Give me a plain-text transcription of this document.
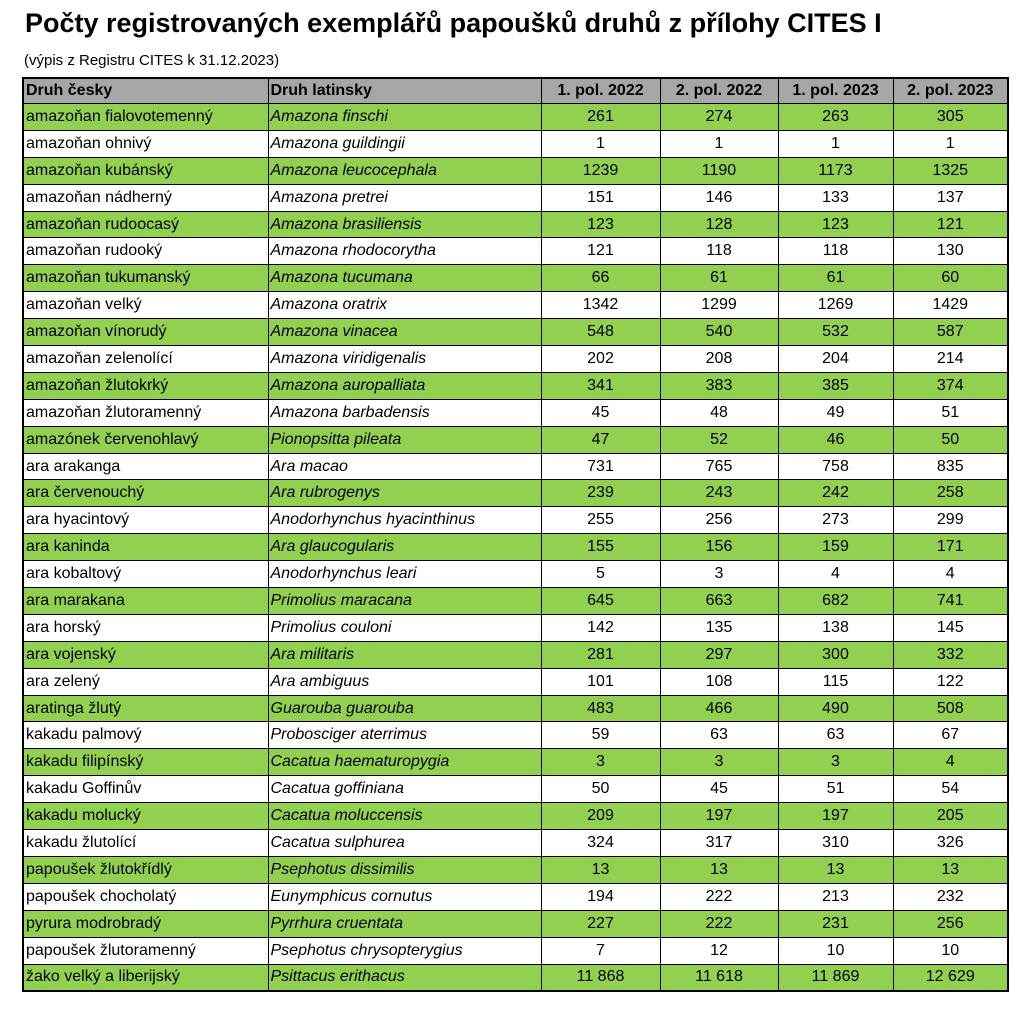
Počty registrovaných exemplářů papoušků druhů z přílohy CITES I
(výpis z Registru CITES k 31.12.2023)
Druh česky	Druh latinsky	1. pol. 2022	2. pol. 2022	1. pol. 2023	2. pol. 2023
amazoňan fialovotemenný	Amazona finschi	261	274	263	305
amazoňan ohnivý	Amazona guildingii	1	1	1	1
amazoňan kubánský	Amazona leucocephala	1239	1190	1173	1325
amazoňan nádherný	Amazona pretrei	151	146	133	137
amazoňan rudoocasý	Amazona brasiliensis	123	128	123	121
amazoňan rudooký	Amazona rhodocorytha	121	118	118	130
amazoňan tukumanský	Amazona tucumana	66	61	61	60
amazoňan velký	Amazona oratrix	1342	1299	1269	1429
amazoňan vínorudý	Amazona vinacea	548	540	532	587
amazoňan zelenolící	Amazona viridigenalis	202	208	204	214
amazoňan žlutokrký	Amazona auropalliata	341	383	385	374
amazoňan žlutoramenný	Amazona barbadensis	45	48	49	51
amazónek červenohlavý	Pionopsitta pileata	47	52	46	50
ara arakanga	Ara macao	731	765	758	835
ara červenouchý	Ara rubrogenys	239	243	242	258
ara hyacintový	Anodorhynchus hyacinthinus	255	256	273	299
ara kaninda	Ara glaucogularis	155	156	159	171
ara kobaltový	Anodorhynchus leari	5	3	4	4
ara marakana	Primolius maracana	645	663	682	741
ara horský	Primolius couloni	142	135	138	145
ara vojenský	Ara militaris	281	297	300	332
ara zelený	Ara ambiguus	101	108	115	122
aratinga žlutý	Guarouba guarouba	483	466	490	508
kakadu palmový	Probosciger aterrimus	59	63	63	67
kakadu filipínský	Cacatua haematuropygia	3	3	3	4
kakadu Goffinův	Cacatua goffiniana	50	45	51	54
kakadu molucký	Cacatua moluccensis	209	197	197	205
kakadu žlutolící	Cacatua sulphurea	324	317	310	326
papoušek žlutokřídlý	Psephotus dissimilis	13	13	13	13
papoušek chocholatý	Eunymphicus cornutus	194	222	213	232
pyrura modrobradý	Pyrrhura cruentata	227	222	231	256
papoušek žlutoramenný	Psephotus chrysopterygius	7	12	10	10
žako velký a liberijský	Psittacus erithacus	11 868	11 618	11 869	12 629
